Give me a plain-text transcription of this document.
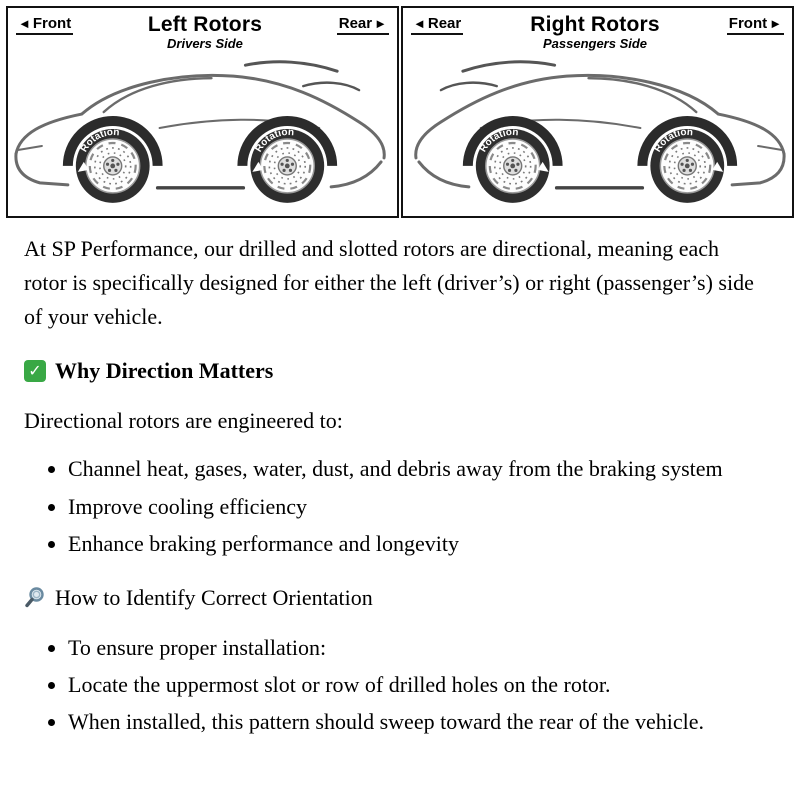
◄ Front	Left Rotors
Drivers Side
Rear ►
Rotation
Rotation
◄ Rear	Right Rotors
Passengers Side
Front ►
Rotation
Rotation

At SP Performance, our drilled and slotted rotors are directional, meaning each rotor is specifically designed for either the left (driver’s) or right (passenger’s) side of your vehicle.

✓ Why Direction Matters

Directional rotors are engineered to:

• Channel heat, gases, water, dust, and debris away from the braking system
• Improve cooling efficiency
• Enhance braking performance and longevity
How to Identify Correct Orientation
• To ensure proper installation:
• Locate the uppermost slot or row of drilled holes on the rotor.
• When installed, this pattern should sweep toward the rear of the vehicle.
